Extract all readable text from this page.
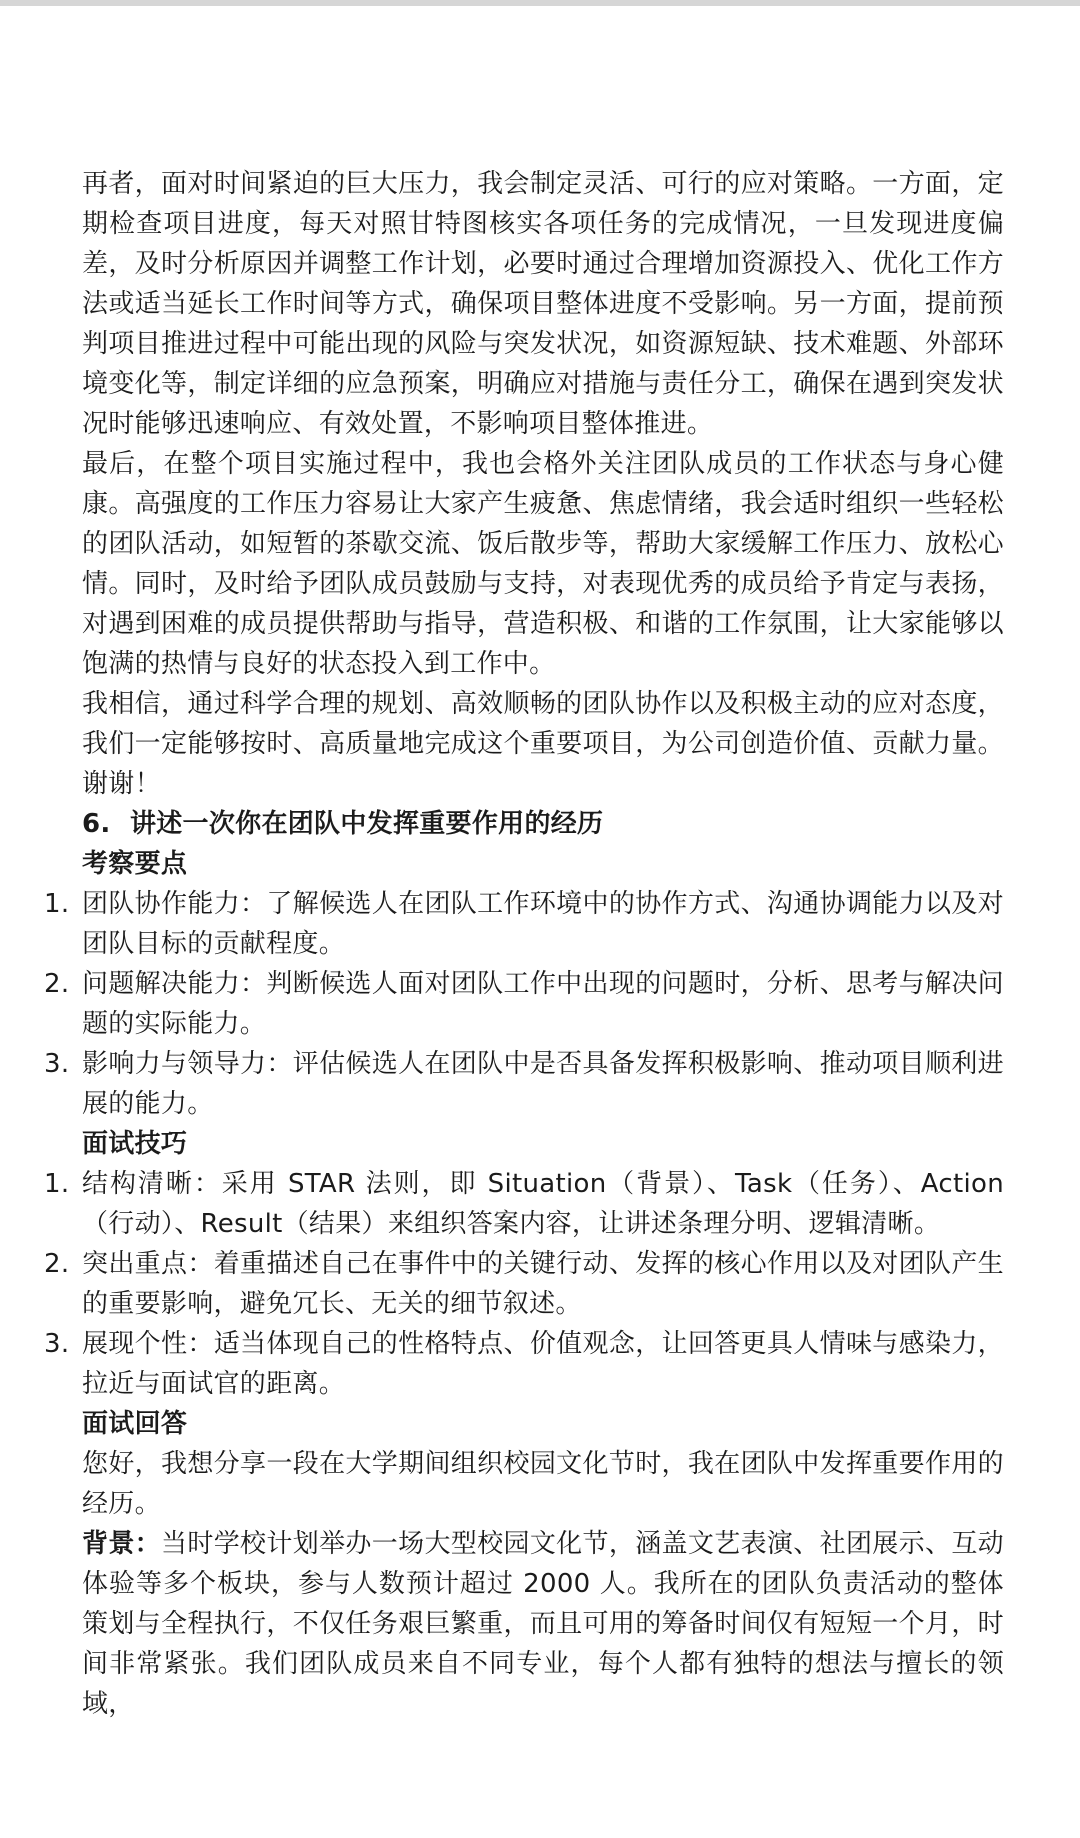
再者，面对时间紧迫的巨大压力，我会制定灵活、可行的应对策略。一方面，定期检查项目进度，每天对照甘特图核实各项任务的完成情况，一旦发现进度偏差，及时分析原因并调整工作计划，必要时通过合理增加资源投入、优化工作方法或适当延长工作时间等方式，确保项目整体进度不受影响。另一方面，提前预判项目推进过程中可能出现的风险与突发状况，如资源短缺、技术难题、外部环境变化等，制定详细的应急预案，明确应对措施与责任分工，确保在遇到突发状况时能够迅速响应、有效处置，不影响项目整体推进。

最后，在整个项目实施过程中，我也会格外关注团队成员的工作状态与身心健康。高强度的工作压力容易让大家产生疲惫、焦虑情绪，我会适时组织一些轻松的团队活动，如短暂的茶歇交流、饭后散步等，帮助大家缓解工作压力、放松心情。同时，及时给予团队成员鼓励与支持，对表现优秀的成员给予肯定与表扬，对遇到困难的成员提供帮助与指导，营造积极、和谐的工作氛围，让大家能够以饱满的热情与良好的状态投入到工作中。

我相信，通过科学合理的规划、高效顺畅的团队协作以及积极主动的应对态度，我们一定能够按时、高质量地完成这个重要项目，为公司创造价值、贡献力量。谢谢！

6. 讲述一次你在团队中发挥重要作用的经历

考察要点

1. 团队协作能力：了解候选人在团队工作环境中的协作方式、沟通协调能力以及对团队目标的贡献程度。
2. 问题解决能力：判断候选人面对团队工作中出现的问题时，分析、思考与解决问题的实际能力。
3. 影响力与领导力：评估候选人在团队中是否具备发挥积极影响、推动项目顺利进展的能力。

面试技巧

1. 结构清晰：采用 STAR 法则，即 Situation（背景）、Task（任务）、Action（行动）、Result（结果）来组织答案内容，让讲述条理分明、逻辑清晰。
2. 突出重点：着重描述自己在事件中的关键行动、发挥的核心作用以及对团队产生的重要影响，避免冗长、无关的细节叙述。
3. 展现个性：适当体现自己的性格特点、价值观念，让回答更具人情味与感染力，拉近与面试官的距离。

面试回答

您好，我想分享一段在大学期间组织校园文化节时，我在团队中发挥重要作用的经历。

背景：当时学校计划举办一场大型校园文化节，涵盖文艺表演、社团展示、互动体验等多个板块，参与人数预计超过 2000 人。我所在的团队负责活动的整体策划与全程执行，不仅任务艰巨繁重，而且可用的筹备时间仅有短短一个月，时间非常紧张。我们团队成员来自不同专业，每个人都有独特的想法与擅长的领域，
